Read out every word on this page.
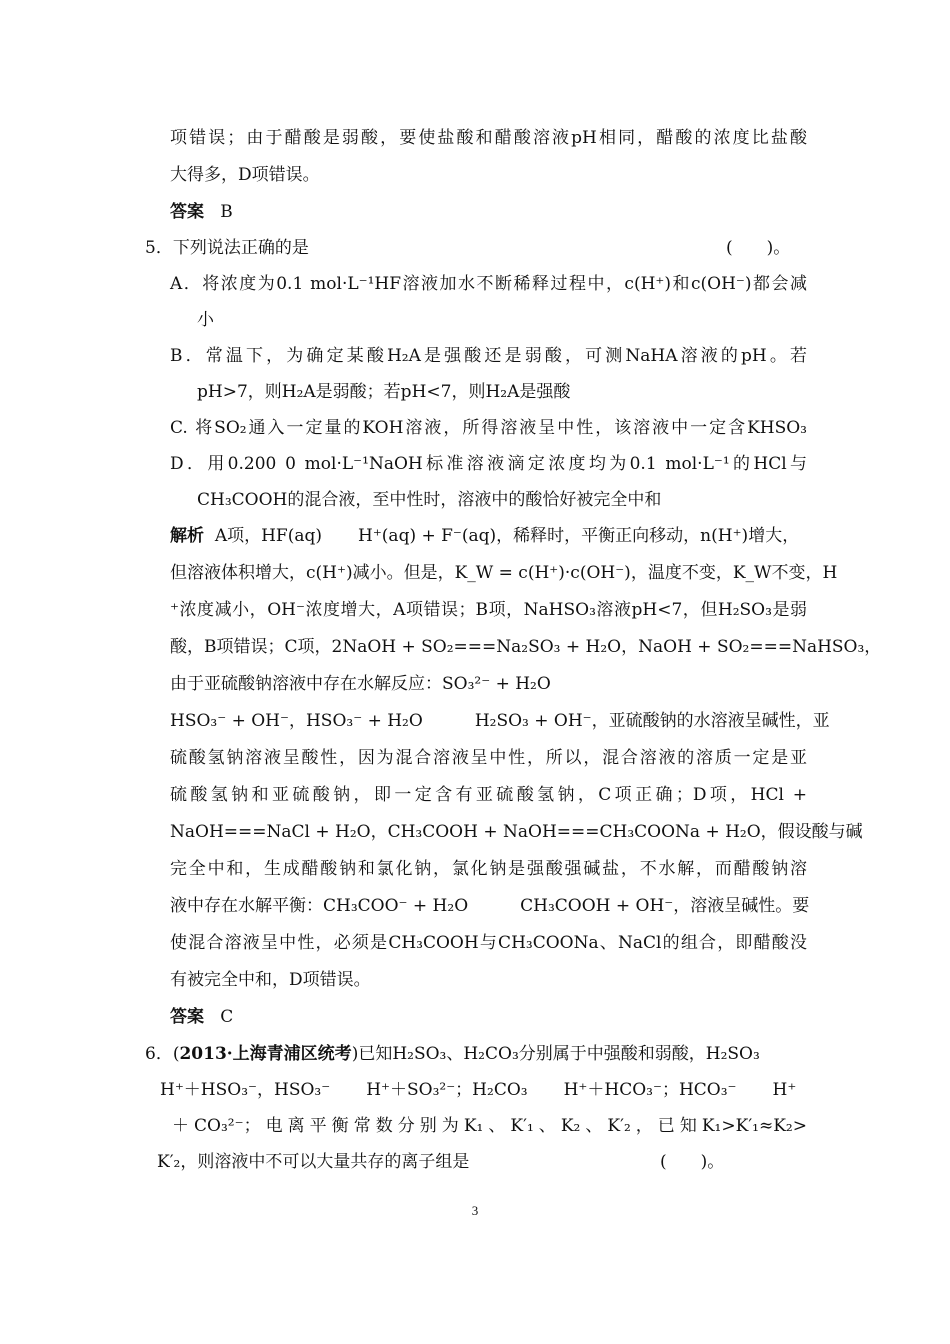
项错误；由于醋酸是弱酸，要使盐酸和醋酸溶液pH相同，醋酸的浓度比盐酸
大得多，D项错误。
答案 B
5．下列说法正确的是	(　　)。
A．将浓度为0.1 mol·L⁻¹HF溶液加水不断稀释过程中，c(H⁺)和c(OH⁻)都会减
小
B．常温下，为确定某酸H₂A是强酸还是弱酸，可测NaHA溶液的pH。若
pH>7，则H₂A是弱酸；若pH<7，则H₂A是强酸
C. 将SO₂通入一定量的KOH溶液，所得溶液呈中性，该溶液中一定含KHSO₃
D．用0.200 0 mol·L⁻¹NaOH标准溶液滴定浓度均为0.1 mol·L⁻¹的HCl与
CH₃COOH的混合液，至中性时，溶液中的酸恰好被完全中和
解析 A项，HF(aq) H⁺(aq) + F⁻(aq)，稀释时，平衡正向移动，n(H⁺)增大，
但溶液体积增大，c(H⁺)减小。但是，K_W = c(H⁺)·c(OH⁻)，温度不变，K_W不变，H
⁺浓度减小，OH⁻浓度增大，A项错误；B项，NaHSO₃溶液pH<7，但H₂SO₃是弱
酸，B项错误；C项，2NaOH + SO₂===Na₂SO₃ + H₂O，NaOH + SO₂===NaHSO₃，
由于亚硫酸钠溶液中存在水解反应：SO₃²⁻ + H₂O
HSO₃⁻ + OH⁻，HSO₃⁻ + H₂O	H₂SO₃ + OH⁻，亚硫酸钠的水溶液呈碱性，亚
硫酸氢钠溶液呈酸性，因为混合溶液呈中性，所以，混合溶液的溶质一定是亚
硫酸氢钠和亚硫酸钠，即一定含有亚硫酸氢钠，C项正确；D项，HCl +
NaOH===NaCl + H₂O，CH₃COOH + NaOH===CH₃COONa + H₂O，假设酸与碱
完全中和，生成醋酸钠和氯化钠，氯化钠是强酸强碱盐，不水解，而醋酸钠溶
液中存在水解平衡：CH₃COO⁻ + H₂O	CH₃COOH + OH⁻，溶液呈碱性。要
使混合溶液呈中性，必须是CH₃COOH与CH₃COONa、NaCl的组合，即醋酸没
有被完全中和，D项错误。
答案 C
6．(2013·上海青浦区统考)已知H₂SO₃、H₂CO₃分别属于中强酸和弱酸，H₂SO₃
H⁺＋HSO₃⁻，HSO₃⁻ H⁺＋SO₃²⁻；H₂CO₃ H⁺＋HCO₃⁻；HCO₃⁻ H⁺
＋CO₃²⁻；电离平衡常数分别为K₁、K′₁、K₂、K′₂，已知K₁>K′₁≈K₂>
K′₂，则溶液中不可以大量共存的离子组是	(　　)。
3
